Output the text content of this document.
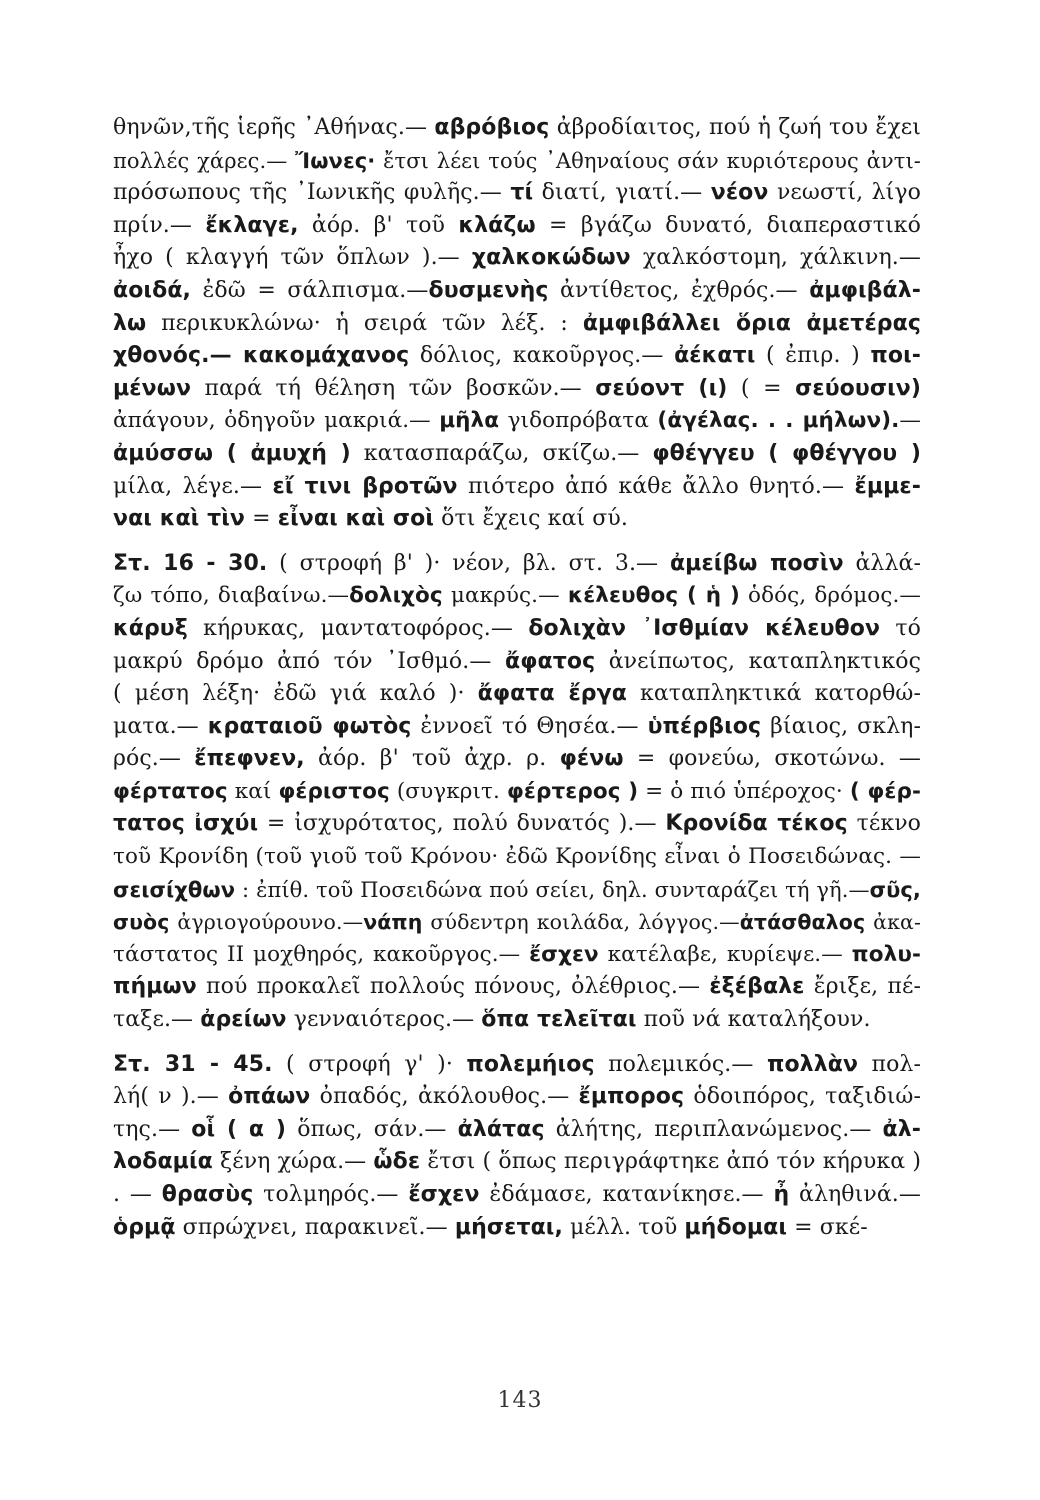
θηνῶν,τῆς ἱερῆς ᾿Αθήνας.— αβρόβιος ἀβροδίαιτος, πού ἡ ζωή του ἔχει
πολλές χάρες.— Ἴωνες· ἔτσι λέει τούς ᾿Αθηναίους σάν κυριότερους ἀντι-
πρόσωπους τῆς ᾿Ιωνικῆς φυλῆς.— τί διατί, γιατί.— νέον νεωστί, λίγο
πρίν.— ἔκλαγε, ἀόρ. β' τοῦ κλάζω = βγάζω δυνατό, διαπεραστικό
ἦχο ( κλαγγή τῶν ὅπλων ).— χαλκοκώδων χαλκόστομη, χάλκινη.—
ἀοιδά, ἐδῶ = σάλπισμα.—δυσμενὴς ἀντίθετος, ἐχθρός.— ἀμφιβάλ-
λω περικυκλώνω· ἡ σειρά τῶν λέξ. : ἀμφιβάλλει ὅρια ἀμετέρας
χθονός.— κακομάχανος δόλιος, κακοῦργος.— ἀέκατι ( ἐπιρ. ) ποι-
μένων παρά τή θέληση τῶν βοσκῶν.— σεύοντ (ι) ( = σεύουσιν)
ἀπάγουν, ὁδηγοῦν μακριά.— μῆλα γιδοπρόβατα (ἀγέλας. . . μήλων).—
ἀμύσσω ( ἀμυχή ) κατασπαράζω, σκίζω.— φθέγγευ ( φθέγγου )
μίλα, λέγε.— εἴ τινι βροτῶν πιότερο ἀπό κάθε ἄλλο θνητό.— ἔμμε-
ναι καὶ τὶν = εἶναι καὶ σοὶ ὅτι ἔχεις καί σύ.
Στ. 16 - 30. ( στροφή β' )· νέον, βλ. στ. 3.— ἀμείβω ποσὶν ἀλλά-
ζω τόπο, διαβαίνω.—δολιχὸς μακρύς.— κέλευθος ( ἡ ) ὁδός, δρόμος.—
κάρυξ κήρυκας, μαντατοφόρος.— δολιχὰν ᾿Ισθμίαν κέλευθον τό
μακρύ δρόμο ἀπό τόν ᾿Ισθμό.— ἄφατος ἀνείπωτος, καταπληκτικός
( μέση λέξη· ἐδῶ γιά καλό )· ἄφατα ἔργα καταπληκτικά κατορθώ-
ματα.— κραταιοῦ φωτὸς ἐννοεῖ τό Θησέα.— ὑπέρβιος βίαιος, σκλη-
ρός.— ἔπεφνεν, ἀόρ. β' τοῦ ἀχρ. ρ. φένω = φονεύω, σκοτώνω. —
φέρτατος καί φέριστος (συγκριτ. φέρτερος ) = ὁ πιό ὑπέροχος· ( φέρ-
τατος ἰσχύι = ἰσχυρότατος, πολύ δυνατός ).— Κρονίδα τέκος τέκνο
τοῦ Κρονίδη (τοῦ γιοῦ τοῦ Κρόνου· ἐδῶ Κρονίδης εἶναι ὁ Ποσειδώνας. —
σεισίχθων : ἐπίθ. τοῦ Ποσειδώνα πού σείει, δηλ. συνταράζει τή γῆ.—σῦς,
συὸς ἀγριογούρουνο.—νάπη σύδεντρη κοιλάδα, λόγγος.—ἀτάσθαλος ἀκα-
τάστατος ΙΙ μοχθηρός, κακοῦργος.— ἔσχεν κατέλαβε, κυρίεψε.— πολυ-
πήμων πού προκαλεῖ πολλούς πόνους, ὀλέθριος.— ἐξέβαλε ἔριξε, πέ-
ταξε.— ἀρείων γενναιότερος.— ὅπα τελεῖται ποῦ νά καταλήξουν.
Στ. 31 - 45. ( στροφή γ' )· πολεμήιος πολεμικός.— πολλὰν πολ-
λή( ν ).— ὀπάων ὀπαδός, ἀκόλουθος.— ἔμπορος ὁδοιπόρος, ταξιδιώ-
της.— οἷ ( α ) ὅπως, σάν.— ἀλάτας ἀλήτης, περιπλανώμενος.— ἀλ-
λοδαμία ξένη χώρα.— ὧδε ἔτσι ( ὅπως περιγράφτηκε ἀπό τόν κήρυκα )
. — θρασὺς τολμηρός.— ἔσχεν ἐδάμασε, κατανίκησε.— ἦ ἀληθινά.—
ὁρμᾷ σπρώχνει, παρακινεῖ.— μήσεται, μέλλ. τοῦ μήδομαι = σκέ-
143
